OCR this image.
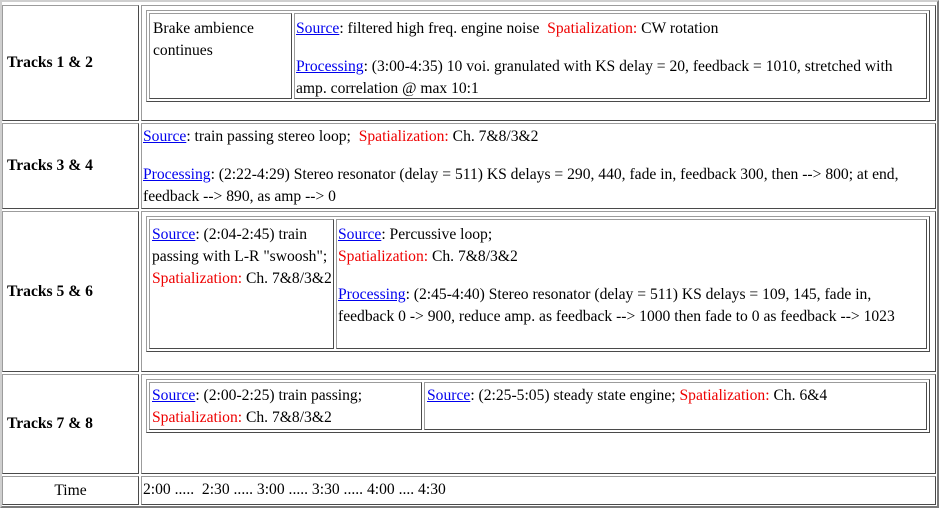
Tracks 1 & 2
Brake ambience continues
Source: filtered high freq. engine noise Spatialization: CW rotation
Processing: (3:00-4:35) 10 voi. granulated with KS delay = 20, feedback = 1010, stretched with amp. correlation @ max 10:1
Tracks 3 & 4
Source: train passing stereo loop; Spatialization: Ch. 7&8/3&2
Processing: (2:22-4:29) Stereo resonator (delay = 511) KS delays = 290, 440, fade in, feedback 300, then --> 800; at end, feedback --> 890, as amp --> 0
Tracks 5 & 6
Source: (2:04-2:45) train passing with L-R "swoosh"; Spatialization: Ch. 7&8/3&2
Source: Percussive loop;
Spatialization: Ch. 7&8/3&2
Processing: (2:45-4:40) Stereo resonator (delay = 511) KS delays = 109, 145, fade in, feedback 0 -> 900, reduce amp. as feedback --> 1000 then fade to 0 as feedback --> 1023
Tracks 7 & 8
Source: (2:00-2:25) train passing;
Spatialization: Ch. 7&8/3&2
Source: (2:25-5:05) steady state engine; Spatialization: Ch. 6&4
Time	2:00 .....  2:30 ..... 3:00 ..... 3:30 ..... 4:00 .... 4:30
